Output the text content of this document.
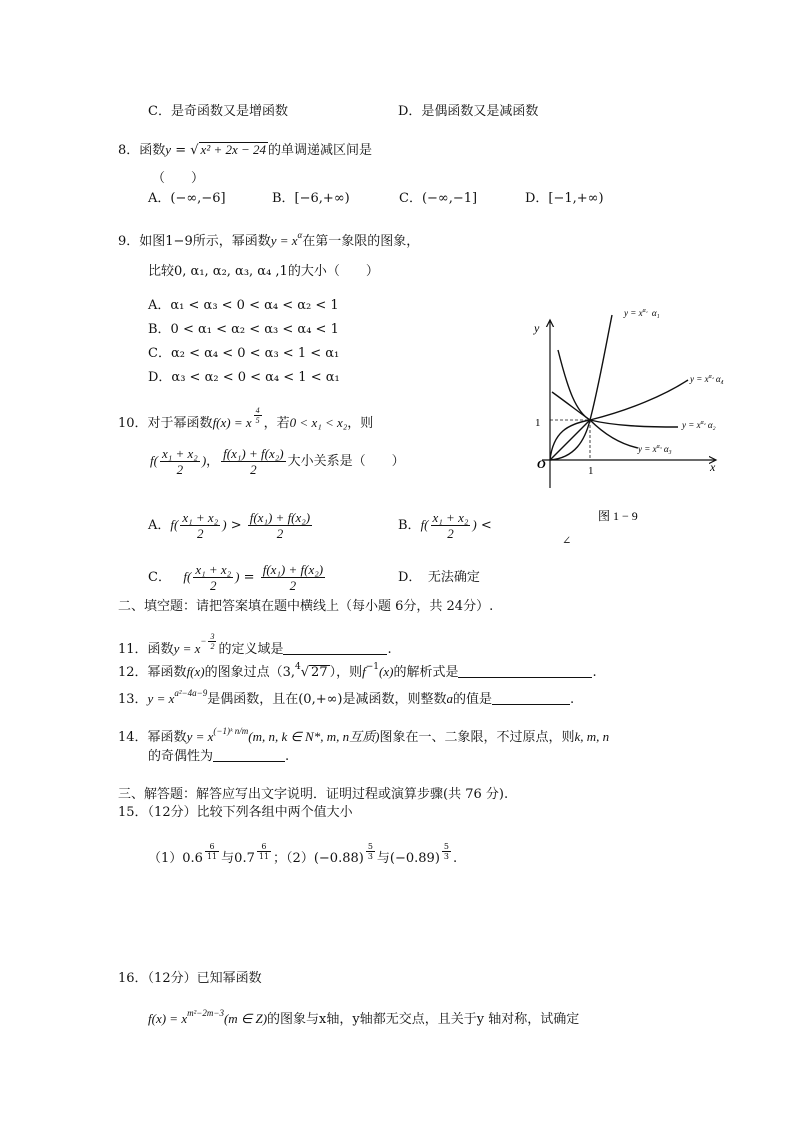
C．是奇函数又是增函数	D．是偶函数又是减函数
8．函数y = √ x² + 2x − 24 的单调递减区间是
（　　）
A．(−∞,−6]	B．[−6,+∞)	C．(−∞,−1]	D．[−1,+∞)
9．如图1−9所示，幂函数$y = x^\alpha$在第一象限的图象，
比较0, α₁, α₂, α₃, α₄ ,1的大小（　　）
A．α₁ < α₃ < 0 < α₄ < α₂ < 1
B．0 < α₁ < α₂ < α₃ < α₄ < 1
C．α₂ < α₄ < 0 < α₃ < 1 < α₁
D．α₃ < α₂ < 0 < α₄ < 1 < α₁
y
x
O	1
1
$y = x^{\alpha_1}$ α₁
$y = x^{\alpha_4}$ α₄
$y = x^{\alpha_2}$ α₂
$y = x^{\alpha_3}$ α₃
图 1 − 9
10．对于幂函数f(x) = x $^{\frac{4}{5}}$ ，若0 < x₁ < x₂，则
$f( \frac{\text{x₁ + x₂}}{2}$ )， $\frac{\text{f(x₁) + f(x₂)}}{2}$ 大小关系是（　　）
A．$f( \frac{\text{x₁ + x₂}}{2}$ ) > $\frac{\text{f(x₁) + f(x₂)}}{2}$	B．$f( \frac{\text{x₁ + x₂}}{2}$ ) <
∠
C． $f( \frac{\text{x₁ + x₂}}{2}$ ) = $\frac{\text{f(x₁) + f(x₂)}}{2}$	D．　无法确定
二、填空题：请把答案填在题中横线上（每小题 6分，共 24分）.
11．函数$y = x^{- \frac{3}{2}}$ 的定义域是	.
12．幂函数f(x)的图象过点（3,$^4$√ 27 ），则$f^{-1}(x)$的解析式是	.
13．$y = x^{a^2-4a-9}$是偶函数，且在(0,+∞)是减函数，则整数a的值是	.
14．幂函数$y = x^{(-1)ᵏ n/m}(m$, n, k ∈ N*, m, n互质)图象在一、二象限，不过原点，则k, m, n
的奇偶性为	.
三、解答题：解答应写出文字说明．证明过程或演算步骤(共 76 分).
15．（12分）比较下列各组中两个值大小
（1）0.6 $^{\frac{6}{11}}$ 与0.7 $^{\frac{6}{11}}$ ；（2）(−0.88) $^{\frac{5}{3}}$ 与(−0.89) $^{\frac{5}{3}}$ .
16．（12分）已知幂函数
$f(x) = x^{m^2-2m-3}(m$ ∈ Z)的图象与x轴，y轴都无交点，且关于y 轴对称，试确定
